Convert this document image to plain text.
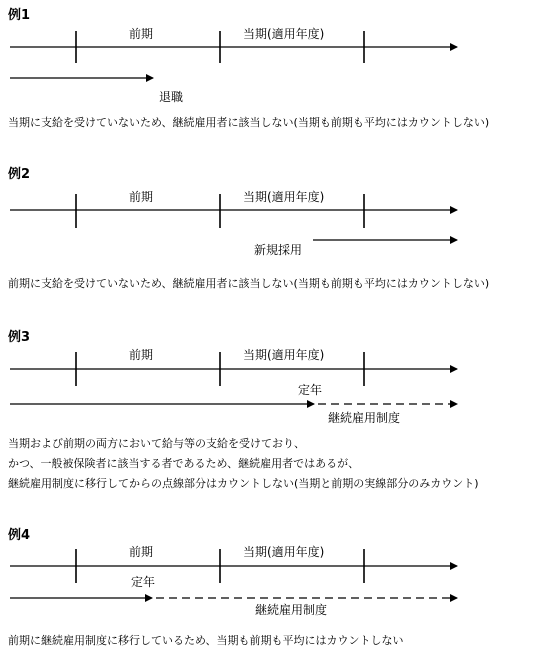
例1
前期	当期(適用年度)
退職
当期に支給を受けていないため、継続雇用者に該当しない(当期も前期も平均にはカウントしない)
例2
前期	当期(適用年度)
新規採用
前期に支給を受けていないため、継続雇用者に該当しない(当期も前期も平均にはカウントしない)
例3
前期	当期(適用年度)
定年
継続雇用制度
当期および前期の両方において給与等の支給を受けており、
かつ、一般被保険者に該当する者であるため、継続雇用者ではあるが、
継続雇用制度に移行してからの点線部分はカウントしない(当期と前期の実線部分のみカウント)
例4
前期	当期(適用年度)
定年
継続雇用制度
前期に継続雇用制度に移行しているため、当期も前期も平均にはカウントしない
